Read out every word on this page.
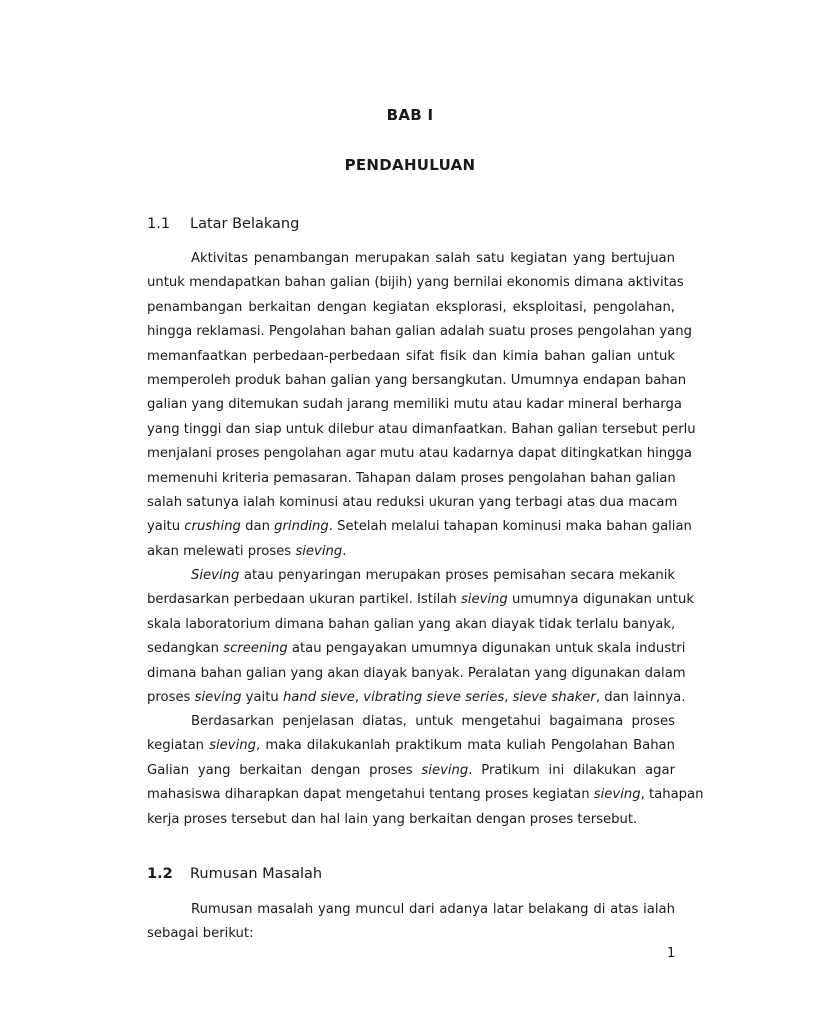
BAB I
PENDAHULUAN
1.1 Latar Belakang
Aktivitas penambangan merupakan salah satu kegiatan yang bertujuan
untuk mendapatkan bahan galian (bijih) yang bernilai ekonomis dimana aktivitas
penambangan berkaitan dengan kegiatan eksplorasi, eksploitasi, pengolahan,
hingga reklamasi. Pengolahan bahan galian adalah suatu proses pengolahan yang
memanfaatkan perbedaan-perbedaan sifat fisik dan kimia bahan galian untuk
memperoleh produk bahan galian yang bersangkutan. Umumnya endapan bahan
galian yang ditemukan sudah jarang memiliki mutu atau kadar mineral berharga
yang tinggi dan siap untuk dilebur atau dimanfaatkan. Bahan galian tersebut perlu
menjalani proses pengolahan agar mutu atau kadarnya dapat ditingkatkan hingga
memenuhi kriteria pemasaran. Tahapan dalam proses pengolahan bahan galian
salah satunya ialah kominusi atau reduksi ukuran yang terbagi atas dua macam
yaitu crushing dan grinding. Setelah melalui tahapan kominusi maka bahan galian
akan melewati proses sieving.
Sieving atau penyaringan merupakan proses pemisahan secara mekanik
berdasarkan perbedaan ukuran partikel. Istilah sieving umumnya digunakan untuk
skala laboratorium dimana bahan galian yang akan diayak tidak terlalu banyak,
sedangkan screening atau pengayakan umumnya digunakan untuk skala industri
dimana bahan galian yang akan diayak banyak. Peralatan yang digunakan dalam
proses sieving yaitu hand sieve, vibrating sieve series, sieve shaker, dan lainnya.
Berdasarkan penjelasan diatas, untuk mengetahui bagaimana proses
kegiatan sieving, maka dilakukanlah praktikum mata kuliah Pengolahan Bahan
Galian yang berkaitan dengan proses sieving. Pratikum ini dilakukan agar
mahasiswa diharapkan dapat mengetahui tentang proses kegiatan sieving, tahapan
kerja proses tersebut dan hal lain yang berkaitan dengan proses tersebut.
1.2 Rumusan Masalah
Rumusan masalah yang muncul dari adanya latar belakang di atas ialah
sebagai berikut:
1
